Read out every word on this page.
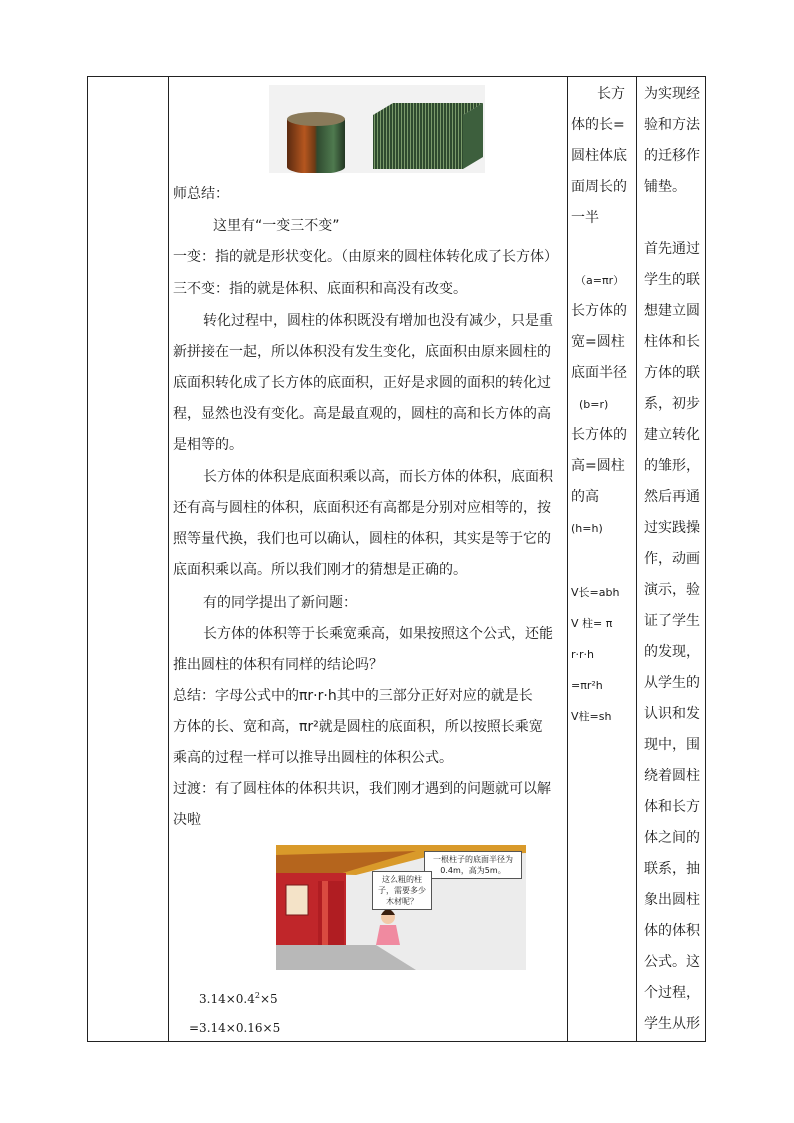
师总结：
这里有“一变三不变”
一变：指的就是形状变化。（由原来的圆柱体转化成了长方体）
三不变：指的就是体积、底面积和高没有改变。
转化过程中，圆柱的体积既没有增加也没有减少，只是重
新拼接在一起，所以体积没有发生变化，底面积由原来圆柱的
底面积转化成了长方体的底面积，正好是求圆的面积的转化过
程，显然也没有变化。高是最直观的，圆柱的高和长方体的高
是相等的。
长方体的体积是底面积乘以高，而长方体的体积，底面积
还有高与圆柱的体积，底面积还有高都是分别对应相等的，按
照等量代换，我们也可以确认，圆柱的体积，其实是等于它的
底面积乘以高。所以我们刚才的猜想是正确的。
有的同学提出了新问题：
长方体的体积等于长乘宽乘高，如果按照这个公式，还能
推出圆柱的体积有同样的结论吗？
总结：字母公式中的πr·r·h其中的三部分正好对应的就是长
方体的长、宽和高，πr²就是圆柱的底面积，所以按照长乘宽
乘高的过程一样可以推导出圆柱的体积公式。
过渡：有了圆柱体的体积共识，我们刚才遇到的问题就可以解
决啦
一根柱子的底面半径为0.4m，高为5m。
这么粗的柱子，需要多少木材呢？
$3.14\times 0.4^2\times 5$
=3.14×0.16×5
长方
体的长=
圆柱体底
面周长的
一半
（a=πr）
长方体的
宽=圆柱
底面半径
(b=r)
长方体的
高=圆柱
的高
(h=h)
V长=abh
V 柱= π
r·r·h
=πr²h
V柱=sh
为实现经
验和方法
的迁移作
铺垫。
首先通过
学生的联
想建立圆
柱体和长
方体的联
系，初步
建立转化
的雏形，
然后再通
过实践操
作，动画
演示，验
证了学生
的发现，
从学生的
认识和发
现中，围
绕着圆柱
体和长方
体之间的
联系，抽
象出圆柱
体的体积
公式。这
个过程，
学生从形
